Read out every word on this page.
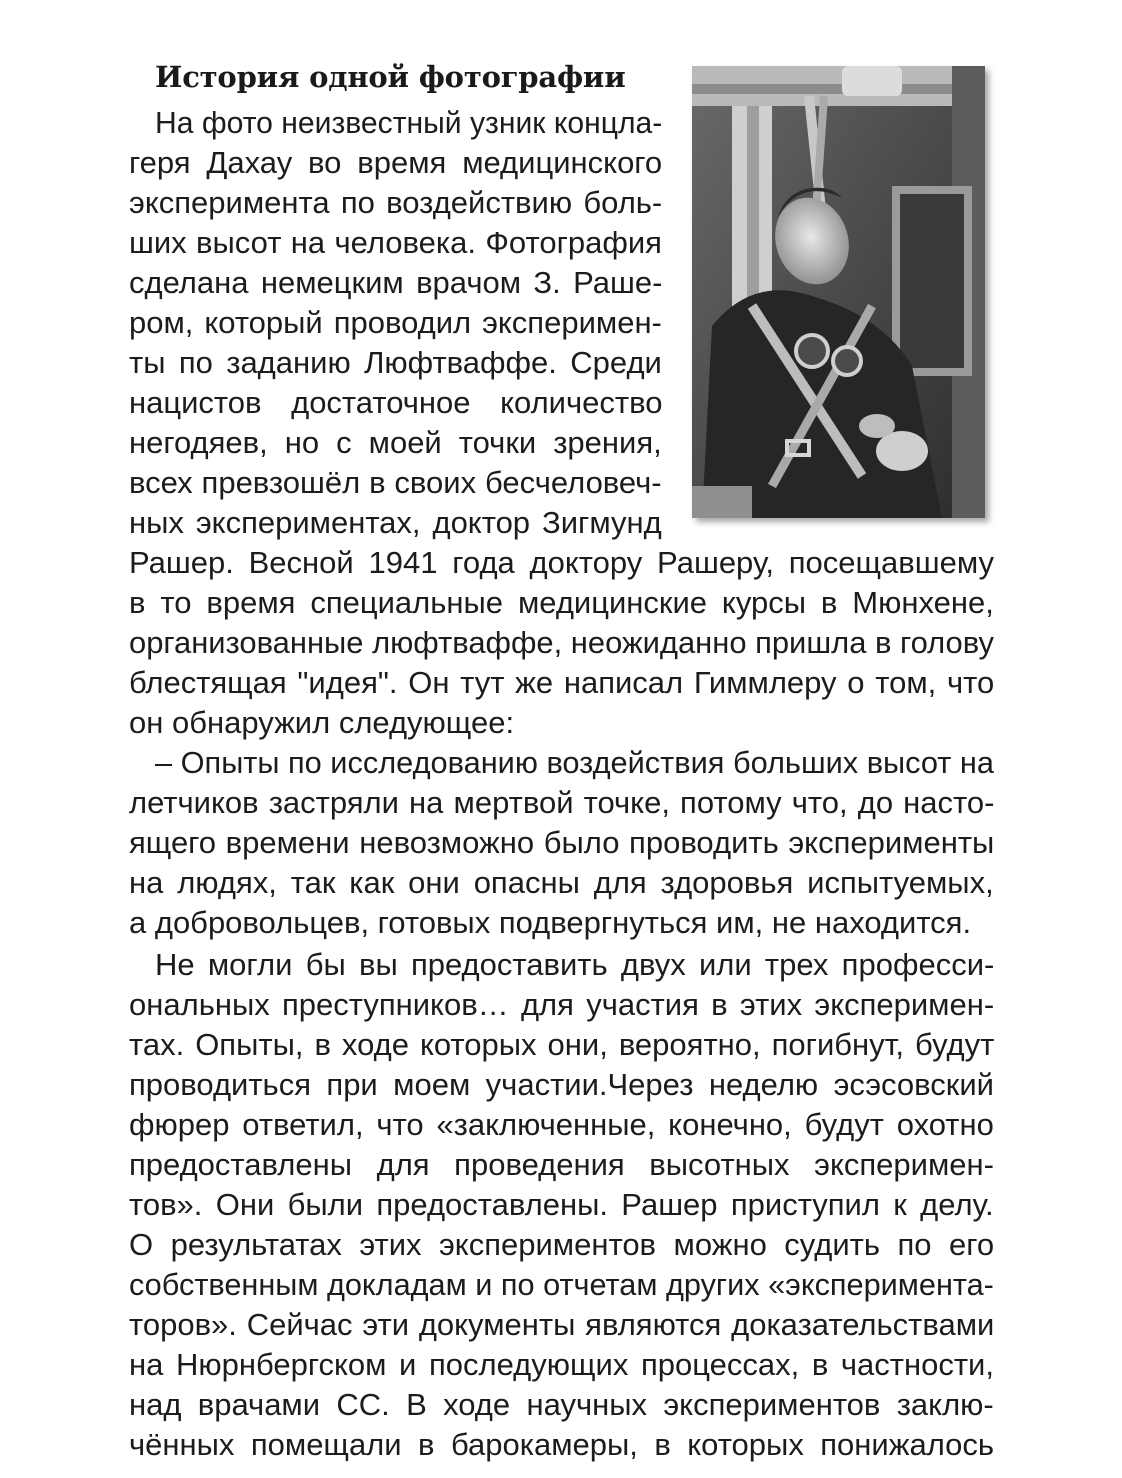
История одной фотографии

На фото неизвестный узник концла-

геря Дахау во время медицинского

эксперимента по воздействию боль-

ших высот на человека. Фотография

сделана немецким врачом З. Раше-

ром, который проводил эксперимен-

ты по заданию Люфтваффе. Среди

нацистов достаточное количество

негодяев, но с моей точки зрения,

всех превзошёл в своих бесчеловеч-

ных экспериментах, доктор Зигмунд

Рашер. Весной 1941 года доктору Рашеру, посещавшему

в то время специальные медицинские курсы в Мюнхене,

организованные люфтваффе, неожиданно пришла в голову

блестящая "идея". Он тут же написал Гиммлеру о том, что

он обнаружил следующее:

– Опыты по исследованию воздействия больших высот на

летчиков застряли на мертвой точке, потому что, до насто-

ящего времени невозможно было проводить эксперименты

на людях, так как они опасны для здоровья испытуемых,

а добровольцев, готовых подвергнуться им, не находится.

Не могли бы вы предоставить двух или трех професси-

ональных преступников… для участия в этих эксперимен-

тах. Опыты, в ходе которых они, вероятно, погибнут, будут

проводиться при моем участии.Через неделю эсэсовский

фюрер ответил, что «заключенные, конечно, будут охотно

предоставлены для проведения высотных эксперимен-

тов». Они были предоставлены. Рашер приступил к делу.

О результатах этих экспериментов можно судить по его

собственным докладам и по отчетам других «эксперимента-

торов». Сейчас эти документы являются доказательствами

на Нюрнбергском и последующих процессах, в частности,

над врачами СС. В ходе научных экспериментов заклю-

чённых помещали в барокамеры, в которых понижалось
